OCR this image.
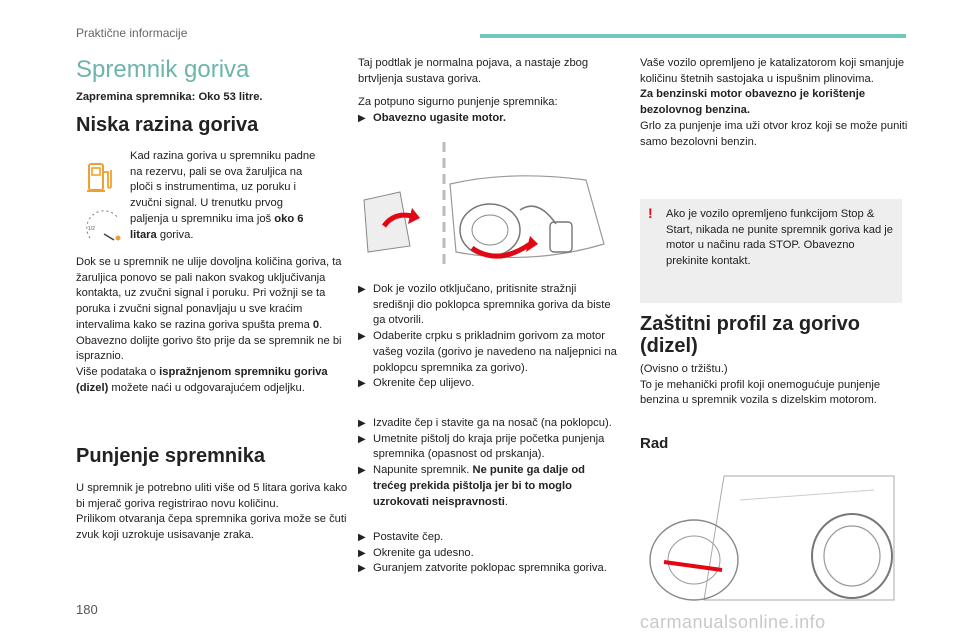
Praktične informacije
Spremnik goriva

Zapremina spremnika: Oko 53 litre.

Niska razina goriva
1/2

Kad razina goriva u spremniku padne na rezervu, pali se ova žaruljica na ploči s instrumentima, uz poruku i zvučni signal. U trenutku prvog paljenja u spremniku ima još oko 6 litara goriva.

Dok se u spremnik ne ulije dovoljna količina goriva, ta žaruljica ponovo se pali nakon svakog uključivanja kontakta, uz zvučni signal i poruku. Pri vožnji se ta poruka i zvučni signal ponavljaju u sve kraćim intervalima kako se razina goriva spušta prema 0.

Obavezno dolijte gorivo što prije da se spremnik ne bi ispraznio.

Više podataka o ispražnjenom spremniku goriva (dizel) možete naći u odgovarajućem odjeljku.

Punjenje spremnika

U spremnik je potrebno uliti više od 5 litara goriva kako bi mjerač goriva registrirao novu količinu.

Prilikom otvaranja čepa spremnika goriva može se čuti zvuk koji uzrokuje usisavanje zraka.

Taj podtlak je normalna pojava, a nastaje zbog brtvljenja sustava goriva.

Za potpuno sigurno punjenje spremnika:

▶ Obavezno ugasite motor.
▶ Dok je vozilo otključano, pritisnite stražnji središnji dio poklopca spremnika goriva da biste ga otvorili.
▶ Odaberite crpku s prikladnim gorivom za motor vašeg vozila (gorivo je navedeno na naljepnici na poklopcu spremnika za gorivo).
▶ Okrenite čep ulijevo.
▶ Izvadite čep i stavite ga na nosač (na poklopcu).
▶ Umetnite pištolj do kraja prije početka punjenja spremnika (opasnost od prskanja).
▶ Napunite spremnik. Ne punite ga dalje od trećeg prekida pištolja jer bi to moglo uzrokovati neispravnosti.
▶ Postavite čep.
▶ Okrenite ga udesno.
▶ Guranjem zatvorite poklopac spremnika goriva.

Vaše vozilo opremljeno je katalizatorom koji smanjuje količinu štetnih sastojaka u ispušnim plinovima.

Za benzinski motor obavezno je korištenje bezolovnog benzina.

Grlo za punjenje ima uži otvor kroz koji se može puniti samo bezolovni benzin.

! Ako je vozilo opremljeno funkcijom Stop & Start, nikada ne punite spremnik goriva kad je motor u načinu rada STOP. Obavezno prekinite kontakt.
Zaštitni profil za gorivo (dizel)

(Ovisno o tržištu.)

To je mehanički profil koji onemogućuje punjenje benzina u spremnik vozila s dizelskim motorom.

Rad
180
carmanualsonline.info
